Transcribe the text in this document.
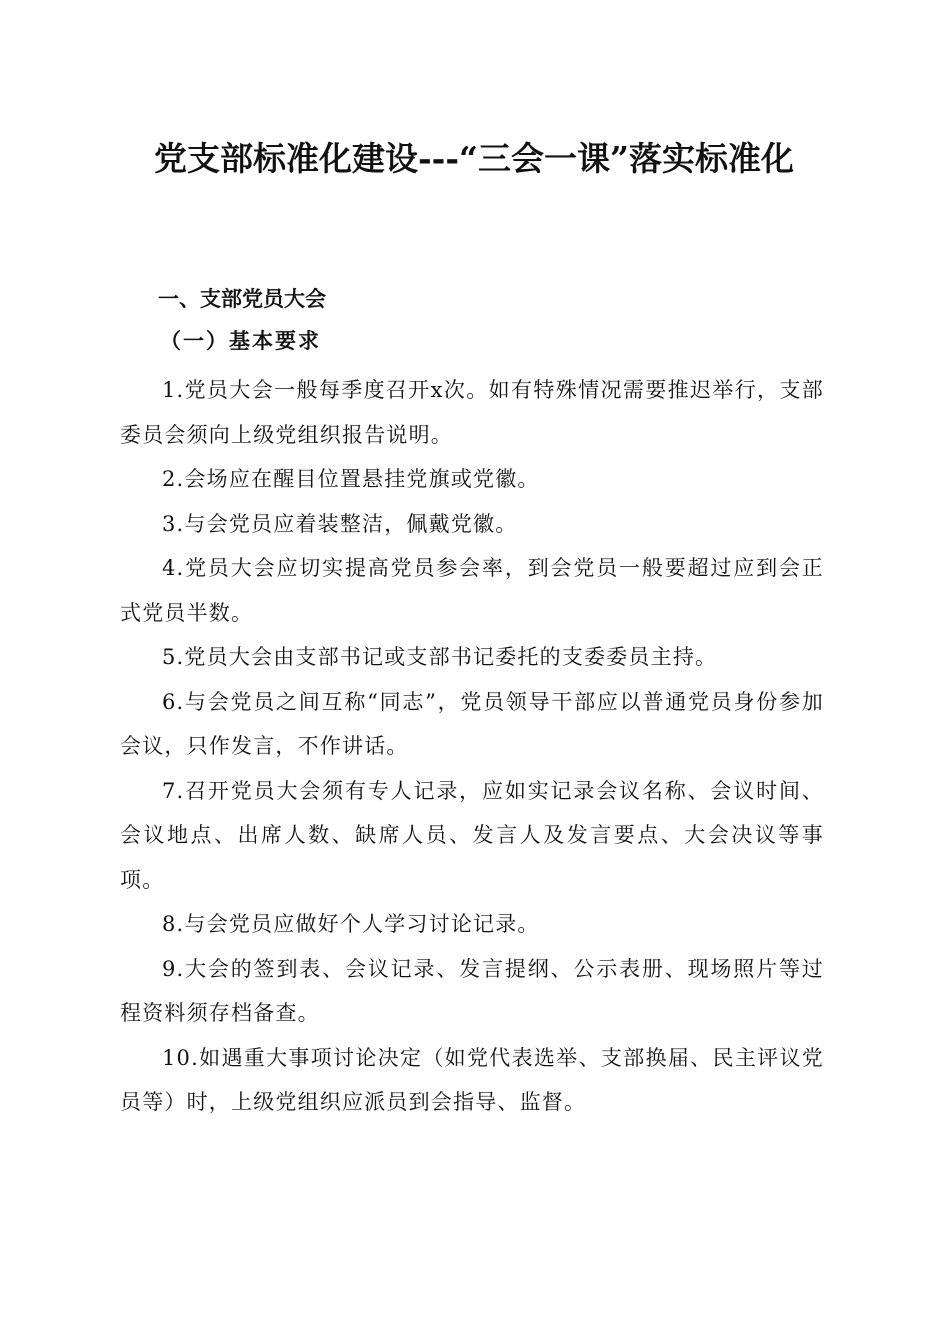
党支部标准化建设---“三会一课”落实标准化
一、支部党员大会
（一）基本要求

1.党员大会一般每季度召开x次。如有特殊情况需要推迟举行，支部委员会须向上级党组织报告说明。

2.会场应在醒目位置悬挂党旗或党徽。

3.与会党员应着装整洁，佩戴党徽。

4.党员大会应切实提高党员参会率，到会党员一般要超过应到会正式党员半数。

5.党员大会由支部书记或支部书记委托的支委委员主持。

6.与会党员之间互称“同志”，党员领导干部应以普通党员身份参加会议，只作发言，不作讲话。

7.召开党员大会须有专人记录，应如实记录会议名称、会议时间、会议地点、出席人数、缺席人员、发言人及发言要点、大会决议等事项。

8.与会党员应做好个人学习讨论记录。

9.大会的签到表、会议记录、发言提纲、公示表册、现场照片等过程资料须存档备查。

10.如遇重大事项讨论决定（如党代表选举、支部换届、民主评议党员等）时，上级党组织应派员到会指导、监督。
